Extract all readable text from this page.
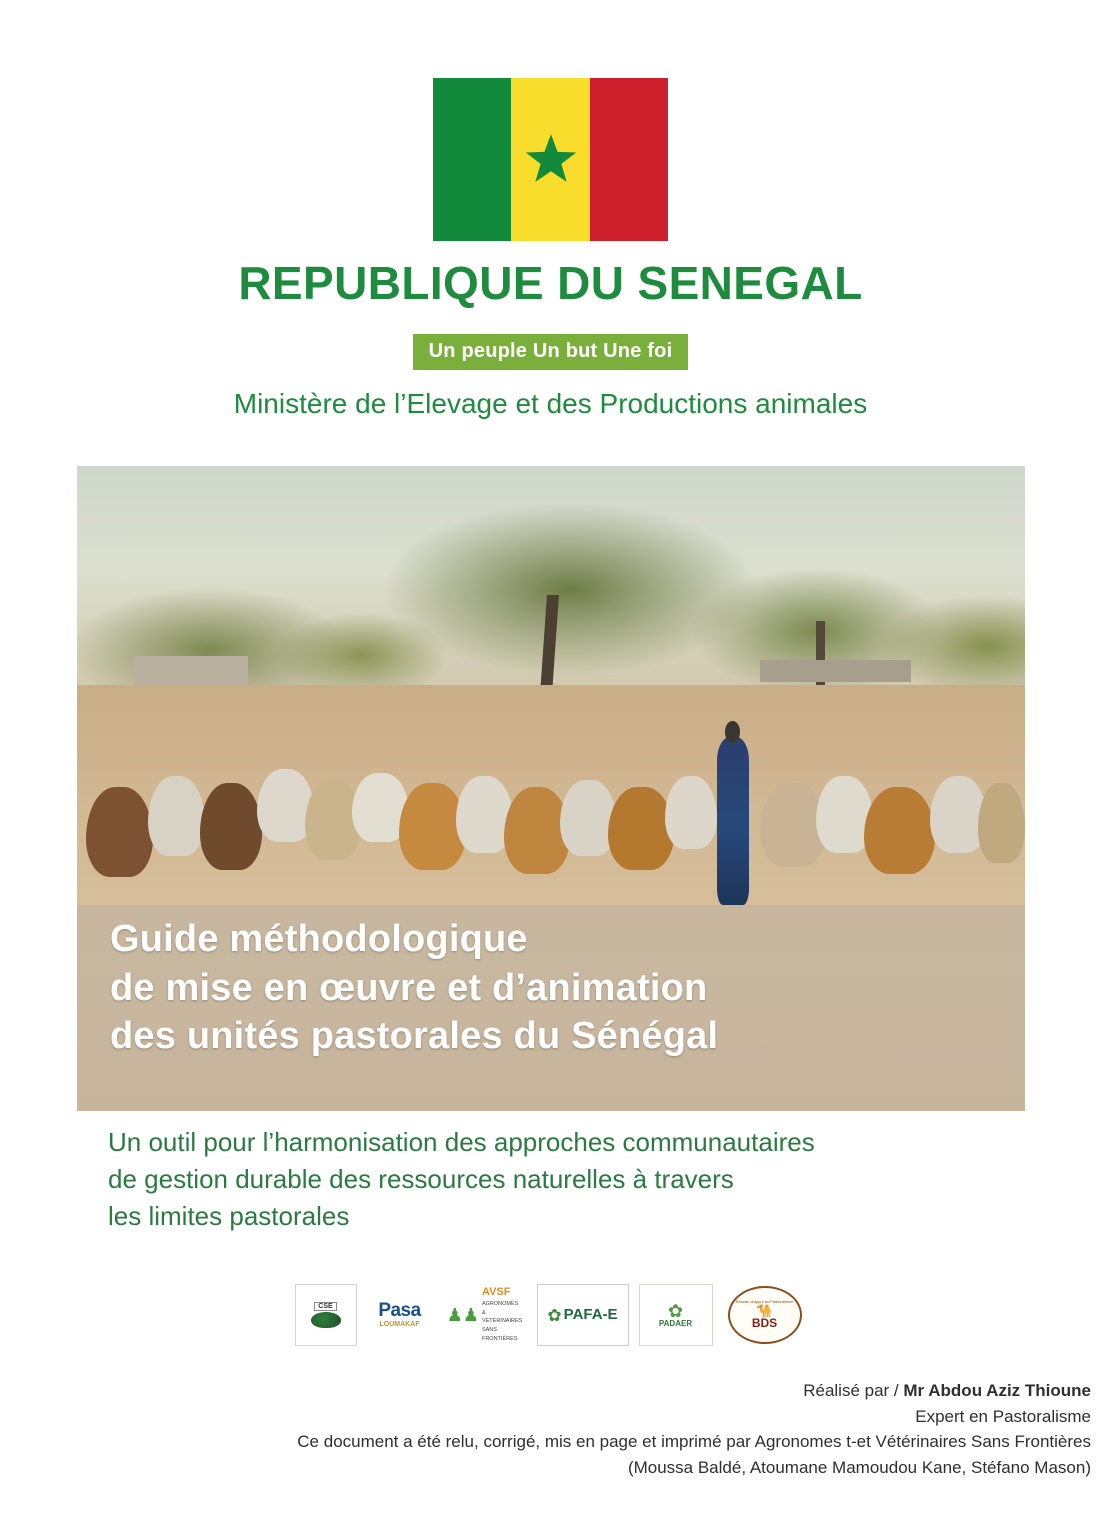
REPUBLIQUE DU SENEGAL
Un peuple Un but Une foi
Ministère de l’Elevage et des Productions animales
Guide méthodologique
de mise en œuvre et d’animation
des unités pastorales du Sénégal
Un outil pour l’harmonisation des approches communautaires
de gestion durable des ressources naturelles à travers
les limites pastorales
CSE Pasa
LOUMAKAF ♟♟
AVSF
AGRONOMES & VÉTÉRINAIRES SANS FRONTIÈRES
✿ PAFA-E	✿
PADAER
Réseau d’appui au Pastoralisme
🐪
BDS
Réalisé par / Mr Abdou Aziz Thioune
Expert en Pastoralisme
Ce document a été relu, corrigé, mis en page et imprimé par Agronomes t-et Vétérinaires Sans Frontières
(Moussa Baldé, Atoumane Mamoudou Kane, Stéfano Mason)
